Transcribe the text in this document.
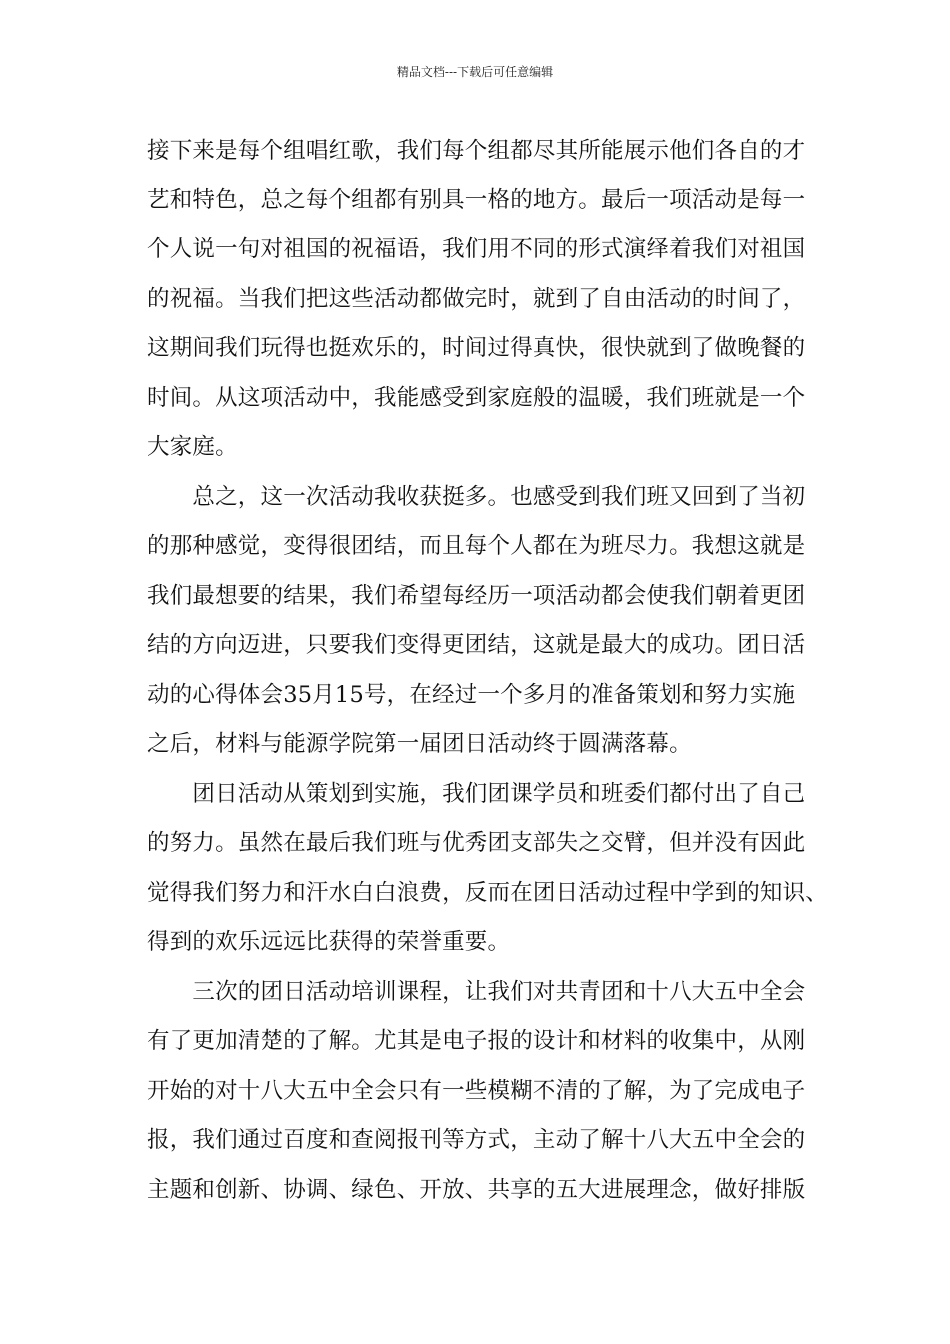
精品文档---下载后可任意编辑
接下来是每个组唱红歌，我们每个组都尽其所能展示他们各自的才
艺和特色，总之每个组都有别具一格的地方。最后一项活动是每一
个人说一句对祖国的祝福语，我们用不同的形式演绎着我们对祖国
的祝福。当我们把这些活动都做完时，就到了自由活动的时间了，
这期间我们玩得也挺欢乐的，时间过得真快，很快就到了做晚餐的
时间。从这项活动中，我能感受到家庭般的温暖，我们班就是一个
大家庭。
　　总之，这一次活动我收获挺多。也感受到我们班又回到了当初
的那种感觉，变得很团结，而且每个人都在为班尽力。我想这就是
我们最想要的结果，我们希望每经历一项活动都会使我们朝着更团
结的方向迈进，只要我们变得更团结，这就是最大的成功。团日活
动的心得体会35月15号，在经过一个多月的准备策划和努力实施
之后，材料与能源学院第一届团日活动终于圆满落幕。
　　团日活动从策划到实施，我们团课学员和班委们都付出了自己
的努力。虽然在最后我们班与优秀团支部失之交臂，但并没有因此
觉得我们努力和汗水白白浪费，反而在团日活动过程中学到的知识、
得到的欢乐远远比获得的荣誉重要。
　　三次的团日活动培训课程，让我们对共青团和十八大五中全会
有了更加清楚的了解。尤其是电子报的设计和材料的收集中，从刚
开始的对十八大五中全会只有一些模糊不清的了解，为了完成电子
报，我们通过百度和查阅报刊等方式，主动了解十八大五中全会的
主题和创新、协调、绿色、开放、共享的五大进展理念，做好排版
